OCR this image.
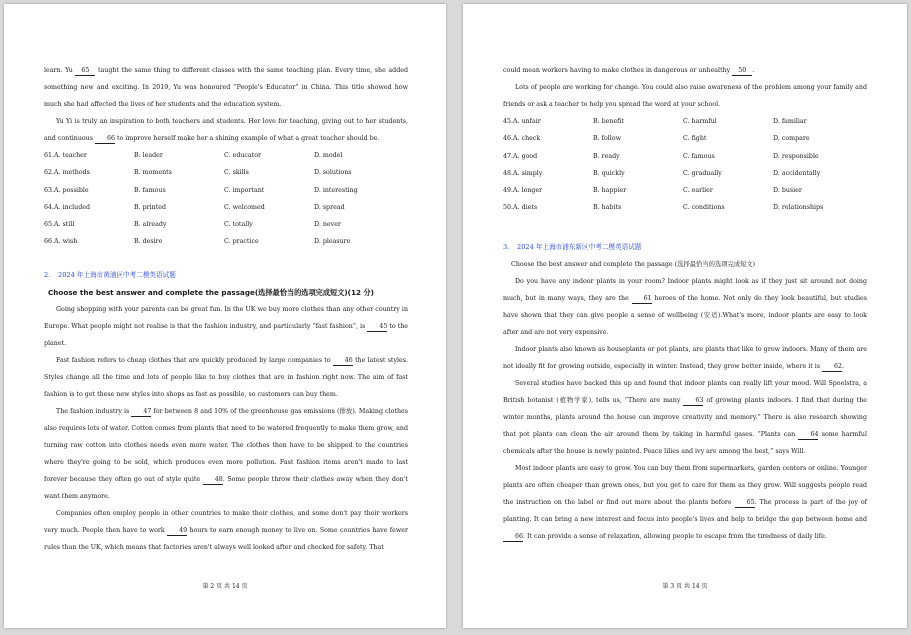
learn. Yu 65 taught the same thing to different classes with the same teaching plan. Every time, she added something new and exciting. In 2019, Yu was honoured “People's Educator” in China. This title showed how much she had affected the lives of her students and the education system.

Yu Yi is truly an inspiration to both teachers and students. Her love for teaching, giving out to her students, and continuous 66 to improve herself make her a shining example of what a great teacher should be.

61.A. teacher	B. leader	C. educator	D. model
62.A. methods	B. moments	C. skills	D. solutions
63.A. possible	B. famous	C. important	D. interesting
64.A. included	B. printed	C. welcomed	D. spread
65.A. still	B. already	C. totally	D. never
66.A. wish	B. desire	C. practice	D. pleasure

2. 2024 年上海市黄浦区中考二模英语试题

Choose the best answer and complete the passage(选择最恰当的选项完成短文)(12 分)

Going shopping with your parents can be great fun. In the UK we buy more clothes than any other country in Europe. What people might not realise is that the fashion industry, and particularly “fast fashion”, is 45 to the planet.

Fast fashion refers to cheap clothes that are quickly produced by large companies to 46 the latest styles. Styles change all the time and lots of people like to buy clothes that are in fashion right now. The aim of fast fashion is to get these new styles into shops as fast as possible, so customers can buy them.

The fashion industry is 47 for between 8 and 10% of the greenhouse gas emissions (排放). Making clothes also requires lots of water. Cotton comes from plants that need to be watered frequently to make them grow, and turning raw cotton into clothes needs even more water. The clothes then have to be shipped to the countries where they're going to be sold, which produces even more pollution. Fast fashion items aren't made to last forever because they often go out of style quite 48. Some people throw their clothes away when they don't want them anymore.

Companies often employ people in other countries to make their clothes, and some don't pay their workers very much. People then have to work 49 hours to earn enough money to live on. Some countries have fewer rules than the UK, which means that factories aren't always well looked after and checked for safety. That

第 2 页 共 14 页

could mean workers having to make clothes in dangerous or unhealthy 50 .

Lots of people are working for change. You could also raise awareness of the problem among your family and friends or ask a teacher to help you spread the word at your school.

45.A. unfair	B. benefit	C. harmful	D. familiar
46.A. check	B. follow	C. fight	D. compare
47.A. good	B. ready	C. famous	D. responsible
48.A. simply	B. quickly	C. gradually	D. accidentally
49.A. longer	B. happier	C. earlier	D. busier
50.A. diets	B. habits	C. conditions	D. relationships

3. 2024 年上海市浦东新区中考二模英语试题

Choose the best answer and complete the passage (选择最恰当的选项完成短文)

Do you have any indoor plants in your room? Indoor plants might look as if they just sit around not doing much, but in many ways, they are the 61 heroes of the home. Not only do they look beautiful, but studies have shown that they can give people a sense of wellbeing (安适).What's more, indoor plants are easy to look after and are not very expensive.

Indoor plants also known as houseplants or pot plants, are plants that like to grow indoors. Many of them are not ideally fit for growing outside, especially in winter. Instead, they grow better inside, where it is 62.

Several studies have backed this up and found that indoor plants can really lift your mood. Will Spoelstra, a British botanist (植物学家), tells us, “There are many 63 of growing plants indoors. I find that during the winter months, plants around the house can improve creativity and memory.” There is also research showing that pot plants can clean the air around them by taking in harmful gases. “Plants can 64 some harmful chemicals after the house is newly painted. Peace lilies and ivy are among the best,” says Will.

Most indoor plants are easy to grow. You can buy them from supermarkets, garden centers or online. Younger plants are often cheaper than grown ones, but you get to care for them as they grow. Will suggests people read the instruction on the label or find out more about the plants before 65. The process is part of the joy of planting. It can bring a new interest and focus into people's lives and help to bridge the gap between home and 66. It can provide a sense of relaxation, allowing people to escape from the tiredness of daily life.

第 3 页 共 14 页
